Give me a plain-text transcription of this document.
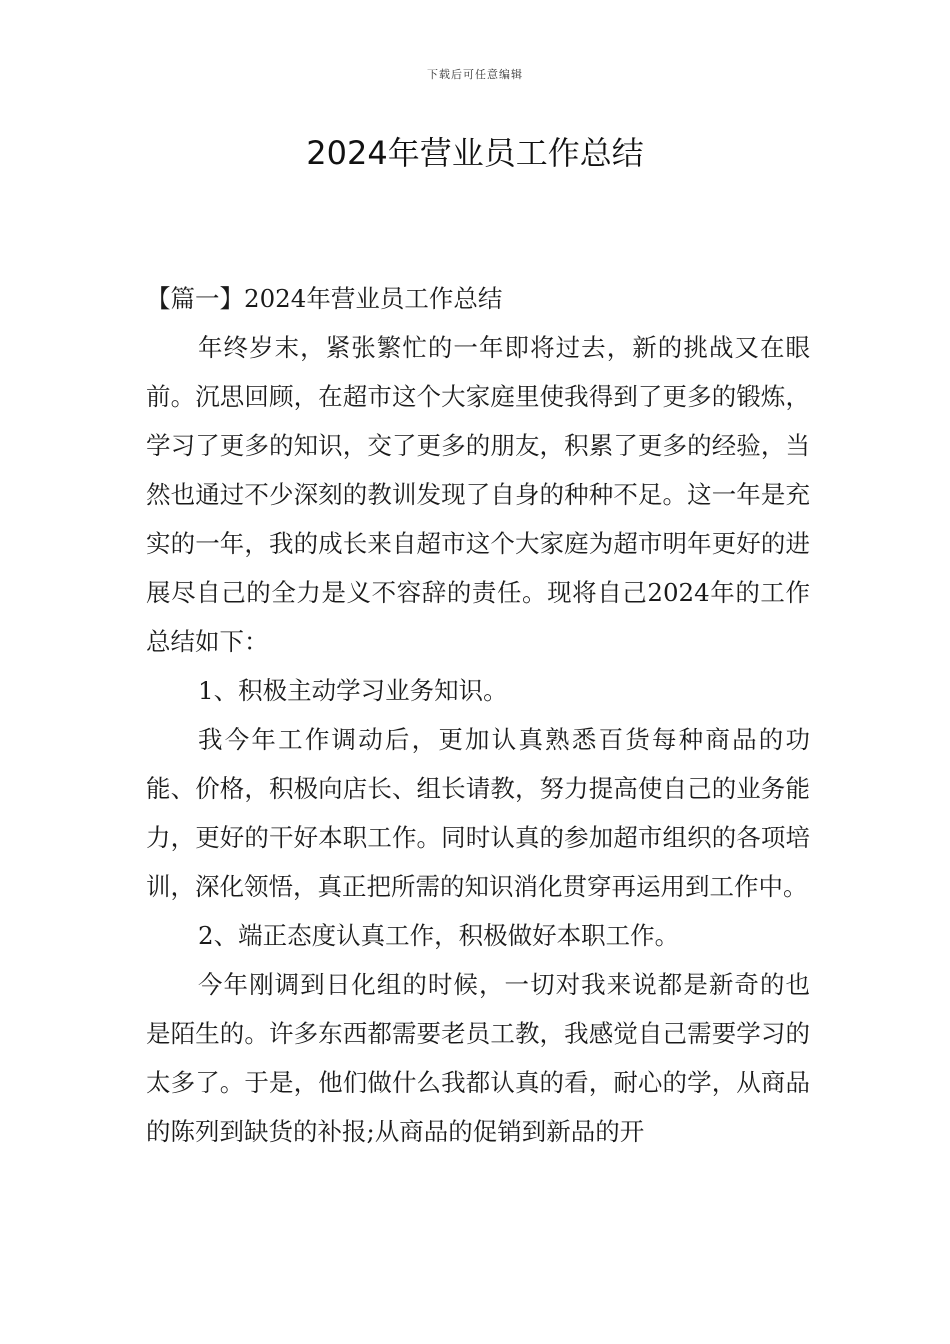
下载后可任意编辑
2024年营业员工作总结

【篇一】2024年营业员工作总结

年终岁末，紧张繁忙的一年即将过去，新的挑战又在眼前。沉思回顾，在超市这个大家庭里使我得到了更多的锻炼，学习了更多的知识，交了更多的朋友，积累了更多的经验，当然也通过不少深刻的教训发现了自身的种种不足。这一年是充实的一年，我的成长来自超市这个大家庭为超市明年更好的进展尽自己的全力是义不容辞的责任。现将自己2024年的工作总结如下：

1、积极主动学习业务知识。

我今年工作调动后，更加认真熟悉百货每种商品的功能、价格，积极向店长、组长请教，努力提高使自己的业务能力，更好的干好本职工作。同时认真的参加超市组织的各项培训，深化领悟，真正把所需的知识消化贯穿再运用到工作中。

2、端正态度认真工作，积极做好本职工作。

今年刚调到日化组的时候，一切对我来说都是新奇的也是陌生的。许多东西都需要老员工教，我感觉自己需要学习的太多了。于是，他们做什么我都认真的看，耐心的学，从商品的陈列到缺货的补报;从商品的促销到新品的开
